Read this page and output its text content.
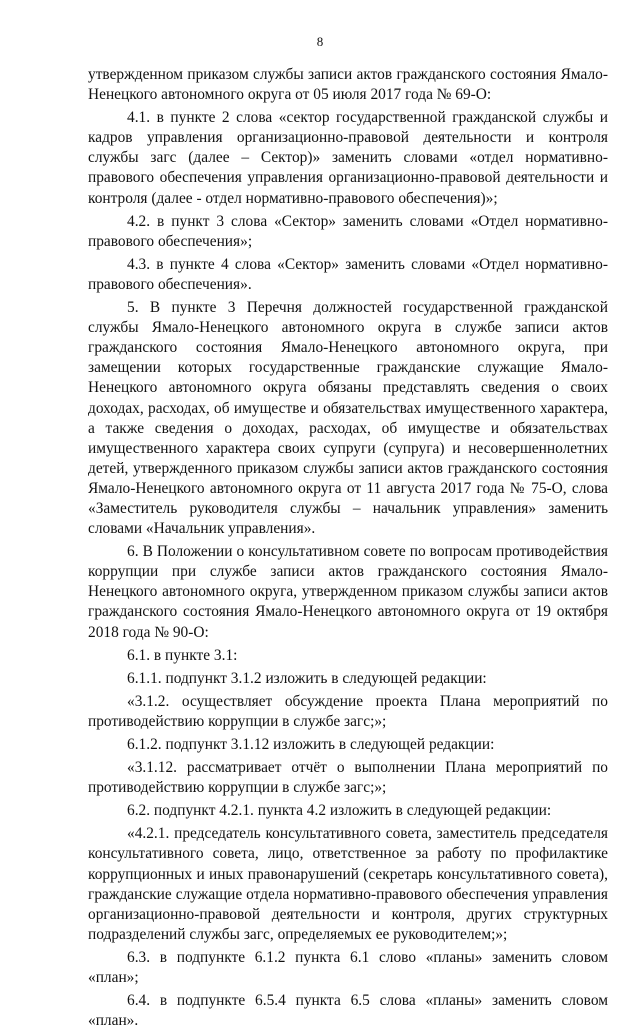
8

утвержденном приказом службы записи актов гражданского состояния Ямало-Ненецкого автономного округа от 05 июля 2017 года № 69-О:

4.1. в пункте 2 слова «сектор государственной гражданской службы и кадров управления организационно-правовой деятельности и контроля службы загс (далее – Сектор)» заменить словами «отдел нормативно-правового обеспечения управления организационно-правовой деятельности и контроля (далее - отдел нормативно-правового обеспечения)»;

4.2. в пункт 3 слова «Сектор» заменить словами «Отдел нормативно-правового обеспечения»;

4.3. в пункте 4 слова «Сектор» заменить словами «Отдел нормативно-правового обеспечения».

5. В пункте 3 Перечня должностей государственной гражданской службы Ямало-Ненецкого автономного округа в службе записи актов гражданского состояния Ямало-Ненецкого автономного округа, при замещении которых государственные гражданские служащие Ямало-Ненецкого автономного округа обязаны представлять сведения о своих доходах, расходах, об имуществе и обязательствах имущественного характера, а также сведения о доходах, расходах, об имуществе и обязательствах имущественного характера своих супруги (супруга) и несовершеннолетних детей, утвержденного приказом службы записи актов гражданского состояния Ямало-Ненецкого автономного округа от 11 августа 2017 года № 75-О, слова «Заместитель руководителя службы – начальник управления» заменить словами «Начальник управления».

6. В Положении о консультативном совете по вопросам противодействия коррупции при службе записи актов гражданского состояния Ямало-Ненецкого автономного округа, утвержденном приказом службы записи актов гражданского состояния Ямало-Ненецкого автономного округа от 19 октября 2018 года № 90-О:

6.1. в пункте 3.1:

6.1.1. подпункт 3.1.2 изложить в следующей редакции:

«3.1.2. осуществляет обсуждение проекта Плана мероприятий по противодействию коррупции в службе загс;»;

6.1.2. подпункт 3.1.12 изложить в следующей редакции:

«3.1.12. рассматривает отчёт о выполнении Плана мероприятий по противодействию коррупции в службе загс;»;

6.2. подпункт 4.2.1. пункта 4.2 изложить в следующей редакции:

«4.2.1. председатель консультативного совета, заместитель председателя консультативного совета, лицо, ответственное за работу по профилактике коррупционных и иных правонарушений (секретарь консультативного совета), гражданские служащие отдела нормативно-правового обеспечения управления организационно-правовой деятельности и контроля, других структурных подразделений службы загс, определяемых ее руководителем;»;

6.3. в подпункте 6.1.2 пункта 6.1 слово «планы» заменить словом «план»;

6.4. в подпункте 6.5.4 пункта 6.5 слова «планы» заменить словом «план».
